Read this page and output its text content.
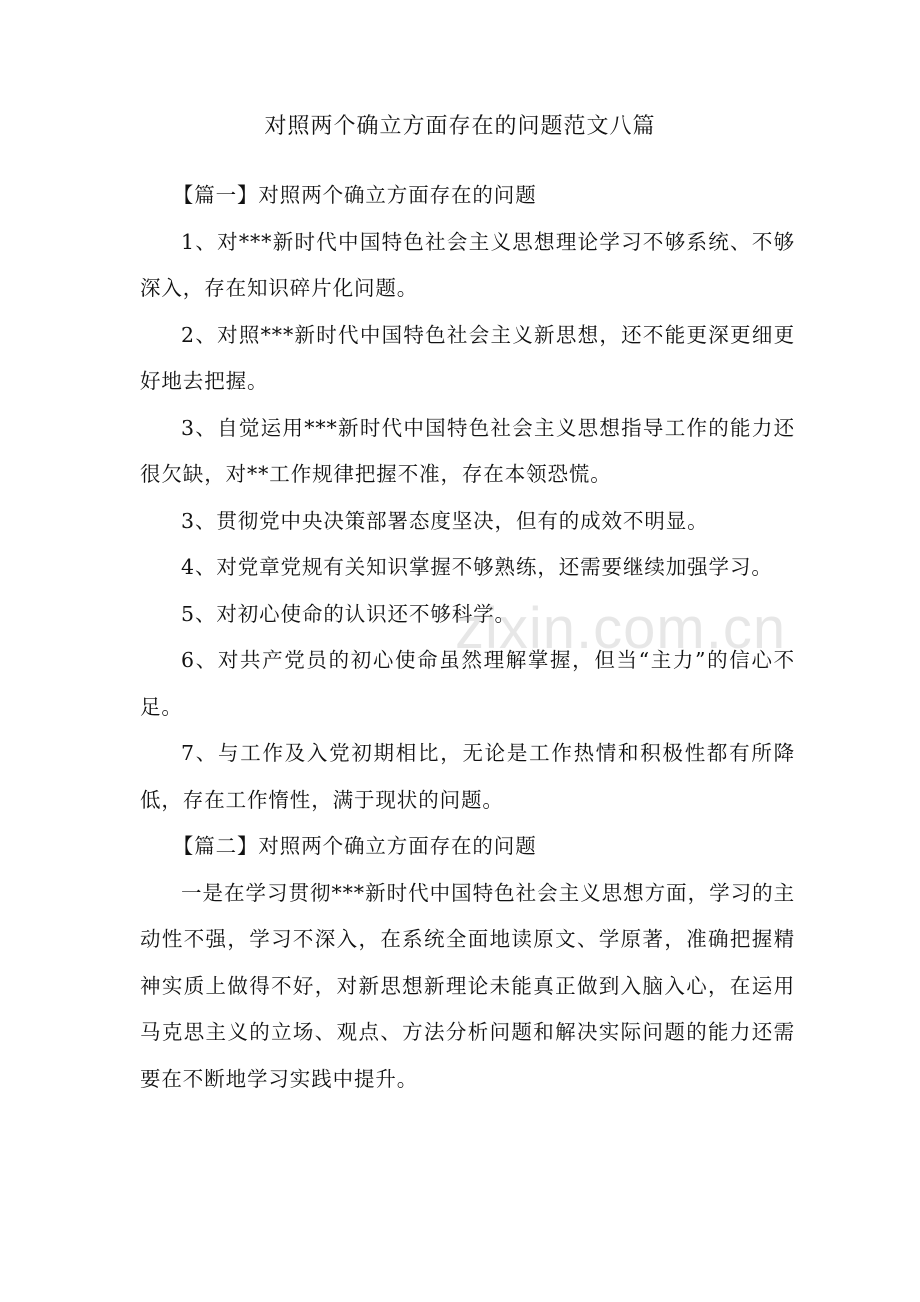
对照两个确立方面存在的问题范文八篇

【篇一】对照两个确立方面存在的问题

1、对***新时代中国特色社会主义思想理论学习不够系统、不够深入，存在知识碎片化问题。

2、对照***新时代中国特色社会主义新思想，还不能更深更细更好地去把握。

3、自觉运用***新时代中国特色社会主义思想指导工作的能力还很欠缺，对**工作规律把握不准，存在本领恐慌。

3、贯彻党中央决策部署态度坚决，但有的成效不明显。

4、对党章党规有关知识掌握不够熟练，还需要继续加强学习。

5、对初心使命的认识还不够科学。

6、对共产党员的初心使命虽然理解掌握，但当“主力”的信心不足。

7、与工作及入党初期相比，无论是工作热情和积极性都有所降低，存在工作惰性，满于现状的问题。

【篇二】对照两个确立方面存在的问题

一是在学习贯彻***新时代中国特色社会主义思想方面，学习的主动性不强，学习不深入，在系统全面地读原文、学原著，准确把握精神实质上做得不好，对新思想新理论未能真正做到入脑入心，在运用马克思主义的立场、观点、方法分析问题和解决实际问题的能力还需要在不断地学习实践中提升。

zixin.com.cn
